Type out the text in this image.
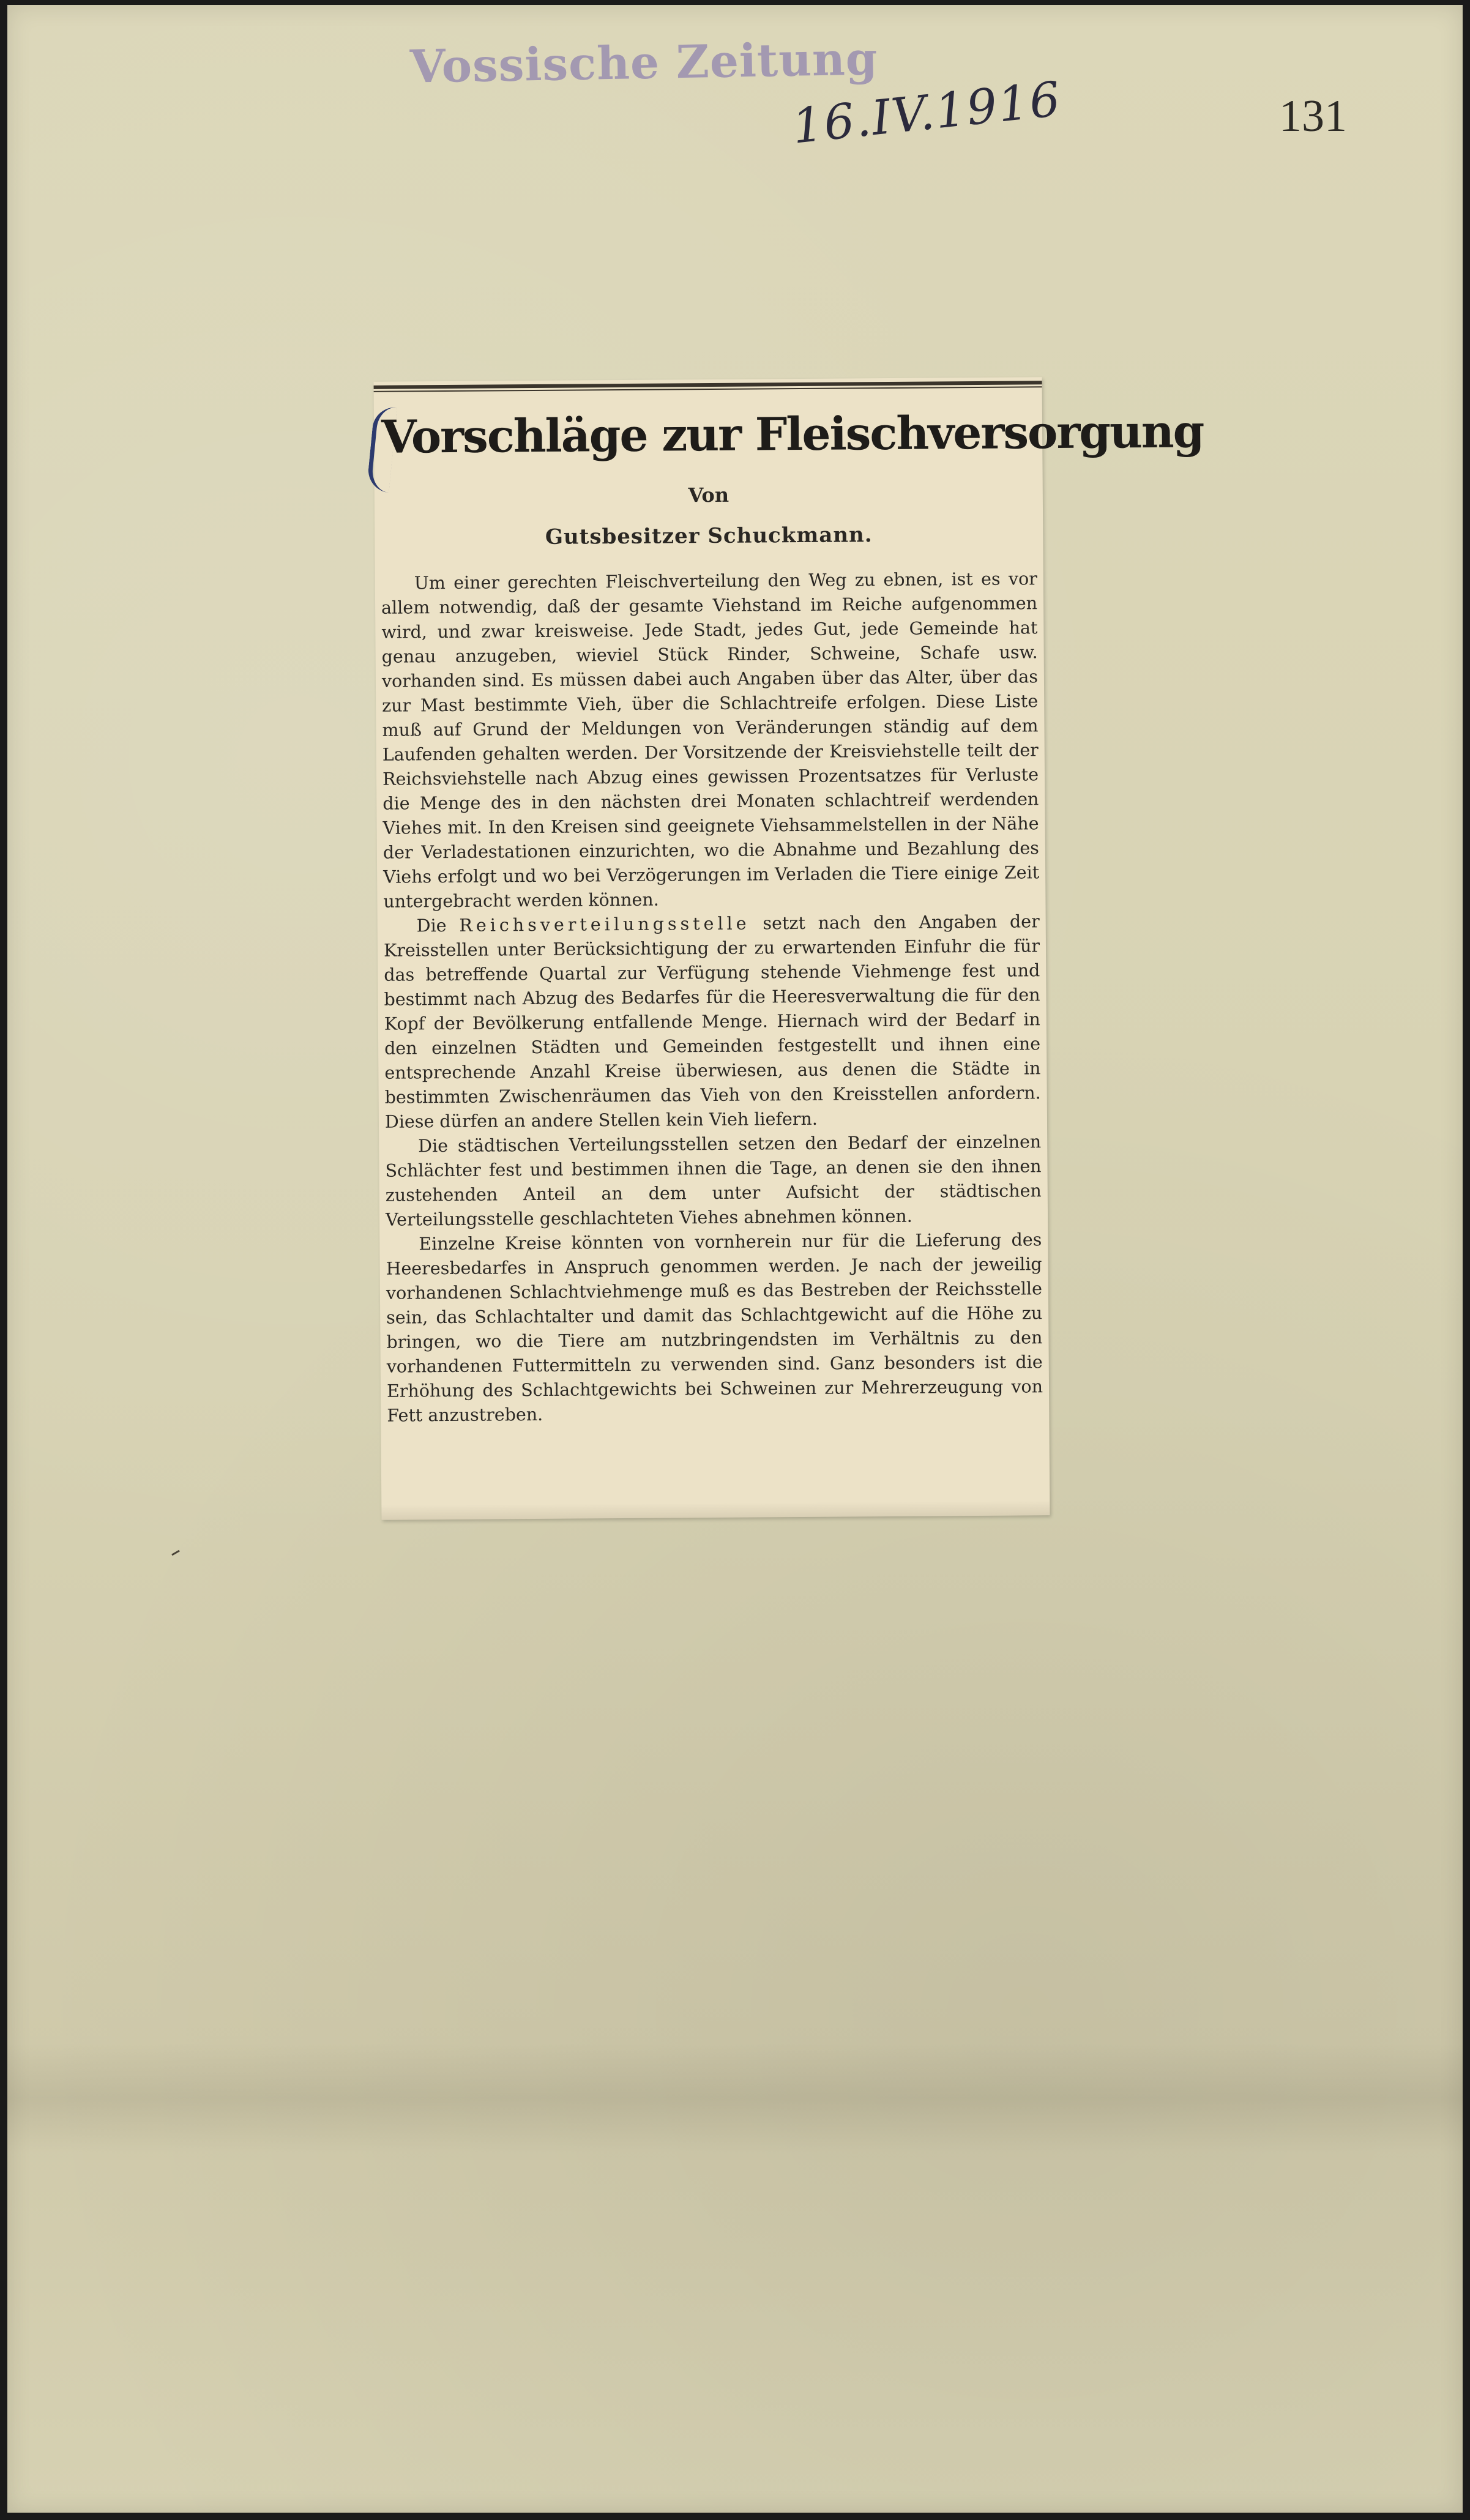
Vossische Zeitung
16.IV.1916	131
Vorschläge zur Fleischversorgung
Von
Gutsbesitzer Schuckmann.

Um einer gerechten Fleischverteilung den Weg zu ebnen, ist es vor allem notwendig, daß der gesamte Viehstand im Reiche aufgenommen wird, und zwar kreisweise. Jede Stadt, jedes Gut, jede Gemeinde hat genau anzugeben, wieviel Stück Rinder, Schweine, Schafe usw. vorhanden sind. Es müssen dabei auch Angaben über das Alter, über das zur Mast bestimmte Vieh, über die Schlachtreife erfolgen. Diese Liste muß auf Grund der Meldungen von Veränderungen ständig auf dem Laufenden gehalten werden. Der Vorsitzende der Kreisviehstelle teilt der Reichsviehstelle nach Abzug eines gewissen Prozentsatzes für Verluste die Menge des in den nächsten drei Monaten schlachtreif werdenden Viehes mit. In den Kreisen sind geeignete Viehsammelstellen in der Nähe der Verladestationen einzurichten, wo die Abnahme und Bezahlung des Viehs erfolgt und wo bei Verzögerungen im Verladen die Tiere einige Zeit untergebracht werden können.

Die Reichsverteilungsstelle setzt nach den Angaben der Kreisstellen unter Berücksichtigung der zu erwartenden Einfuhr die für das betreffende Quartal zur Verfügung stehende Viehmenge fest und bestimmt nach Abzug des Bedarfes für die Heeresverwaltung die für den Kopf der Bevölkerung entfallende Menge. Hiernach wird der Bedarf in den einzelnen Städten und Gemeinden festgestellt und ihnen eine entsprechende Anzahl Kreise überwiesen, aus denen die Städte in bestimmten Zwischenräumen das Vieh von den Kreisstellen anfordern. Diese dürfen an andere Stellen kein Vieh liefern.

Die städtischen Verteilungsstellen setzen den Bedarf der einzelnen Schlächter fest und bestimmen ihnen die Tage, an denen sie den ihnen zustehenden Anteil an dem unter Aufsicht der städtischen Verteilungsstelle geschlachteten Viehes abnehmen können.

Einzelne Kreise könnten von vornherein nur für die Lieferung des Heeresbedarfes in Anspruch genommen werden. Je nach der jeweilig vorhandenen Schlachtviehmenge muß es das Bestreben der Reichsstelle sein, das Schlachtalter und damit das Schlachtgewicht auf die Höhe zu bringen, wo die Tiere am nutzbringendsten im Verhältnis zu den vorhandenen Futtermitteln zu verwenden sind. Ganz besonders ist die Erhöhung des Schlachtgewichts bei Schweinen zur Mehrerzeugung von Fett anzustreben.
